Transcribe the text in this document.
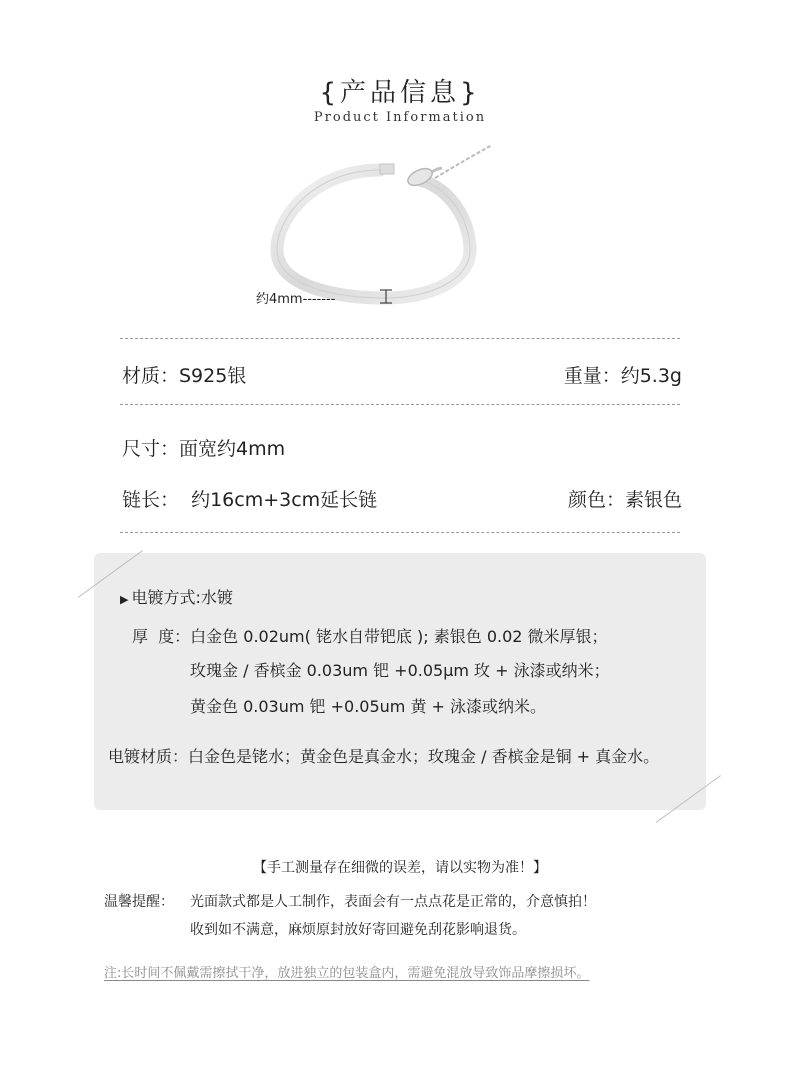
{产品信息}
Product Information
约4mm-------
材质：S925银	重量：约5.3g
尺寸：面宽约4mm
链长：  约16cm+3cm延长链	颜色：素银色
▶ 电镀方式:水镀
厚  度：白金色 0.02um( 铑水自带钯底 ); 素银色 0.02 微米厚银；
玫瑰金 / 香槟金 0.03um 钯 +0.05μm 玫 + 泳漆或纳米；
黄金色 0.03um 钯 +0.05um 黄 + 泳漆或纳米。
电镀材质：白金色是铑水；黄金色是真金水；玫瑰金 / 香槟金是铜 + 真金水。
【手工测量存在细微的误差，请以实物为准！】
温馨提醒： 光面款式都是人工制作，表面会有一点点花是正常的，介意慎拍！
收到如不满意，麻烦原封放好寄回避免刮花影响退货。
注:长时间不佩戴需擦拭干净，放进独立的包装盒内，需避免混放导致饰品摩擦损坏。
